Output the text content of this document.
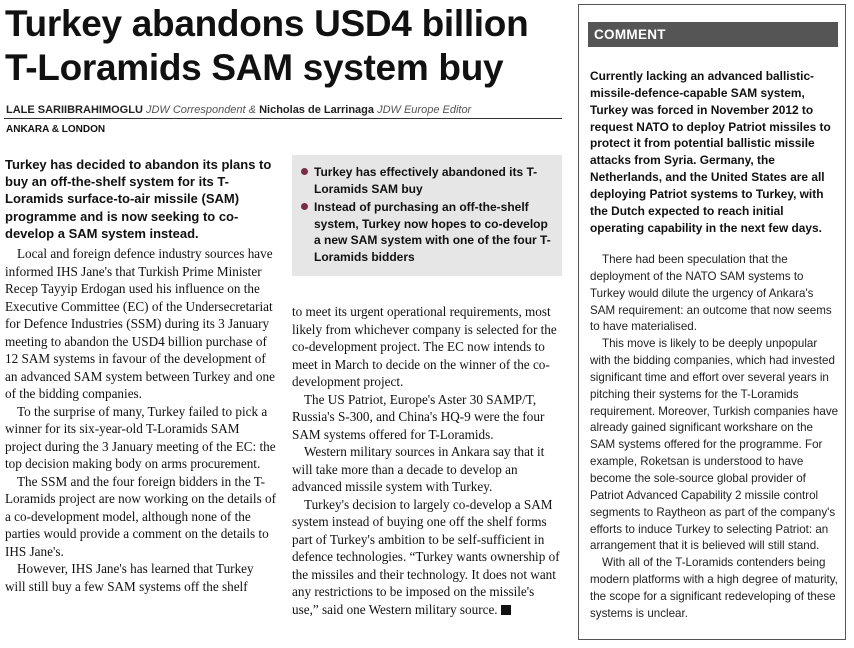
Turkey abandons USD4 billion
T-Loramids SAM system buy
LALE SARIIBRAHIMOGLU JDW Correspondent & Nicholas de Larrinaga JDW Europe Editor
ANKARA & LONDON
Turkey has decided to abandon its plans to buy an off-the-shelf system for its T-Loramids surface-to-air missile (SAM) programme and is now seeking to co-develop a SAM system instead.

Local and foreign defence industry sources have informed IHS Jane's that Turkish Prime Minister Recep Tayyip Erdogan used his influence on the Executive Committee (EC) of the Undersecretariat for Defence Industries (SSM) during its 3 January meeting to abandon the USD4 billion purchase of 12 SAM systems in favour of the development of an advanced SAM system between Turkey and one of the bidding companies.

To the surprise of many, Turkey failed to pick a winner for its six-year-old T-Loramids SAM project during the 3 January meeting of the EC: the top decision making body on arms procurement.

The SSM and the four foreign bidders in the T-Loramids project are now working on the details of a co-development model, although none of the parties would provide a comment on the details to IHS Jane's.

However, IHS Jane's has learned that Turkey will still buy a few SAM systems off the shelf

Turkey has effectively abandoned its T-Loramids SAM buy
Instead of purchasing an off-the-shelf system, Turkey now hopes to co-develop a new SAM system with one of the four T-Loramids bidders

to meet its urgent operational requirements, most likely from whichever company is selected for the co-development project. The EC now intends to meet in March to decide on the winner of the co-development project.

The US Patriot, Europe's Aster 30 SAMP/T, Russia's S-300, and China's HQ-9 were the four SAM systems offered for T-Loramids.

Western military sources in Ankara say that it will take more than a decade to develop an advanced missile system with Turkey.

Turkey's decision to largely co-develop a SAM system instead of buying one off the shelf forms part of Turkey's ambition to be self-sufficient in defence technologies. “Turkey wants ownership of the missiles and their technology. It does not want any restrictions to be imposed on the missile's use,” said one Western military source.

COMMENT
Currently lacking an advanced ballistic-missile-defence-capable SAM system, Turkey was forced in November 2012 to request NATO to deploy Patriot missiles to protect it from potential ballistic missile attacks from Syria. Germany, the Netherlands, and the United States are all deploying Patriot systems to Turkey, with the Dutch expected to reach initial operating capability in the next few days.

There had been speculation that the deployment of the NATO SAM systems to Turkey would dilute the urgency of Ankara's SAM requirement: an outcome that now seems to have materialised.

This move is likely to be deeply unpopular with the bidding companies, which had invested significant time and effort over several years in pitching their systems for the T-Loramids requirement. Moreover, Turkish companies have already gained significant workshare on the SAM systems offered for the programme. For example, Roketsan is understood to have become the sole-source global provider of Patriot Advanced Capability 2 missile control segments to Raytheon as part of the company's efforts to induce Turkey to selecting Patriot: an arrangement that it is believed will still stand.

With all of the T-Loramids contenders being modern platforms with a high degree of maturity, the scope for a significant redeveloping of these systems is unclear.
